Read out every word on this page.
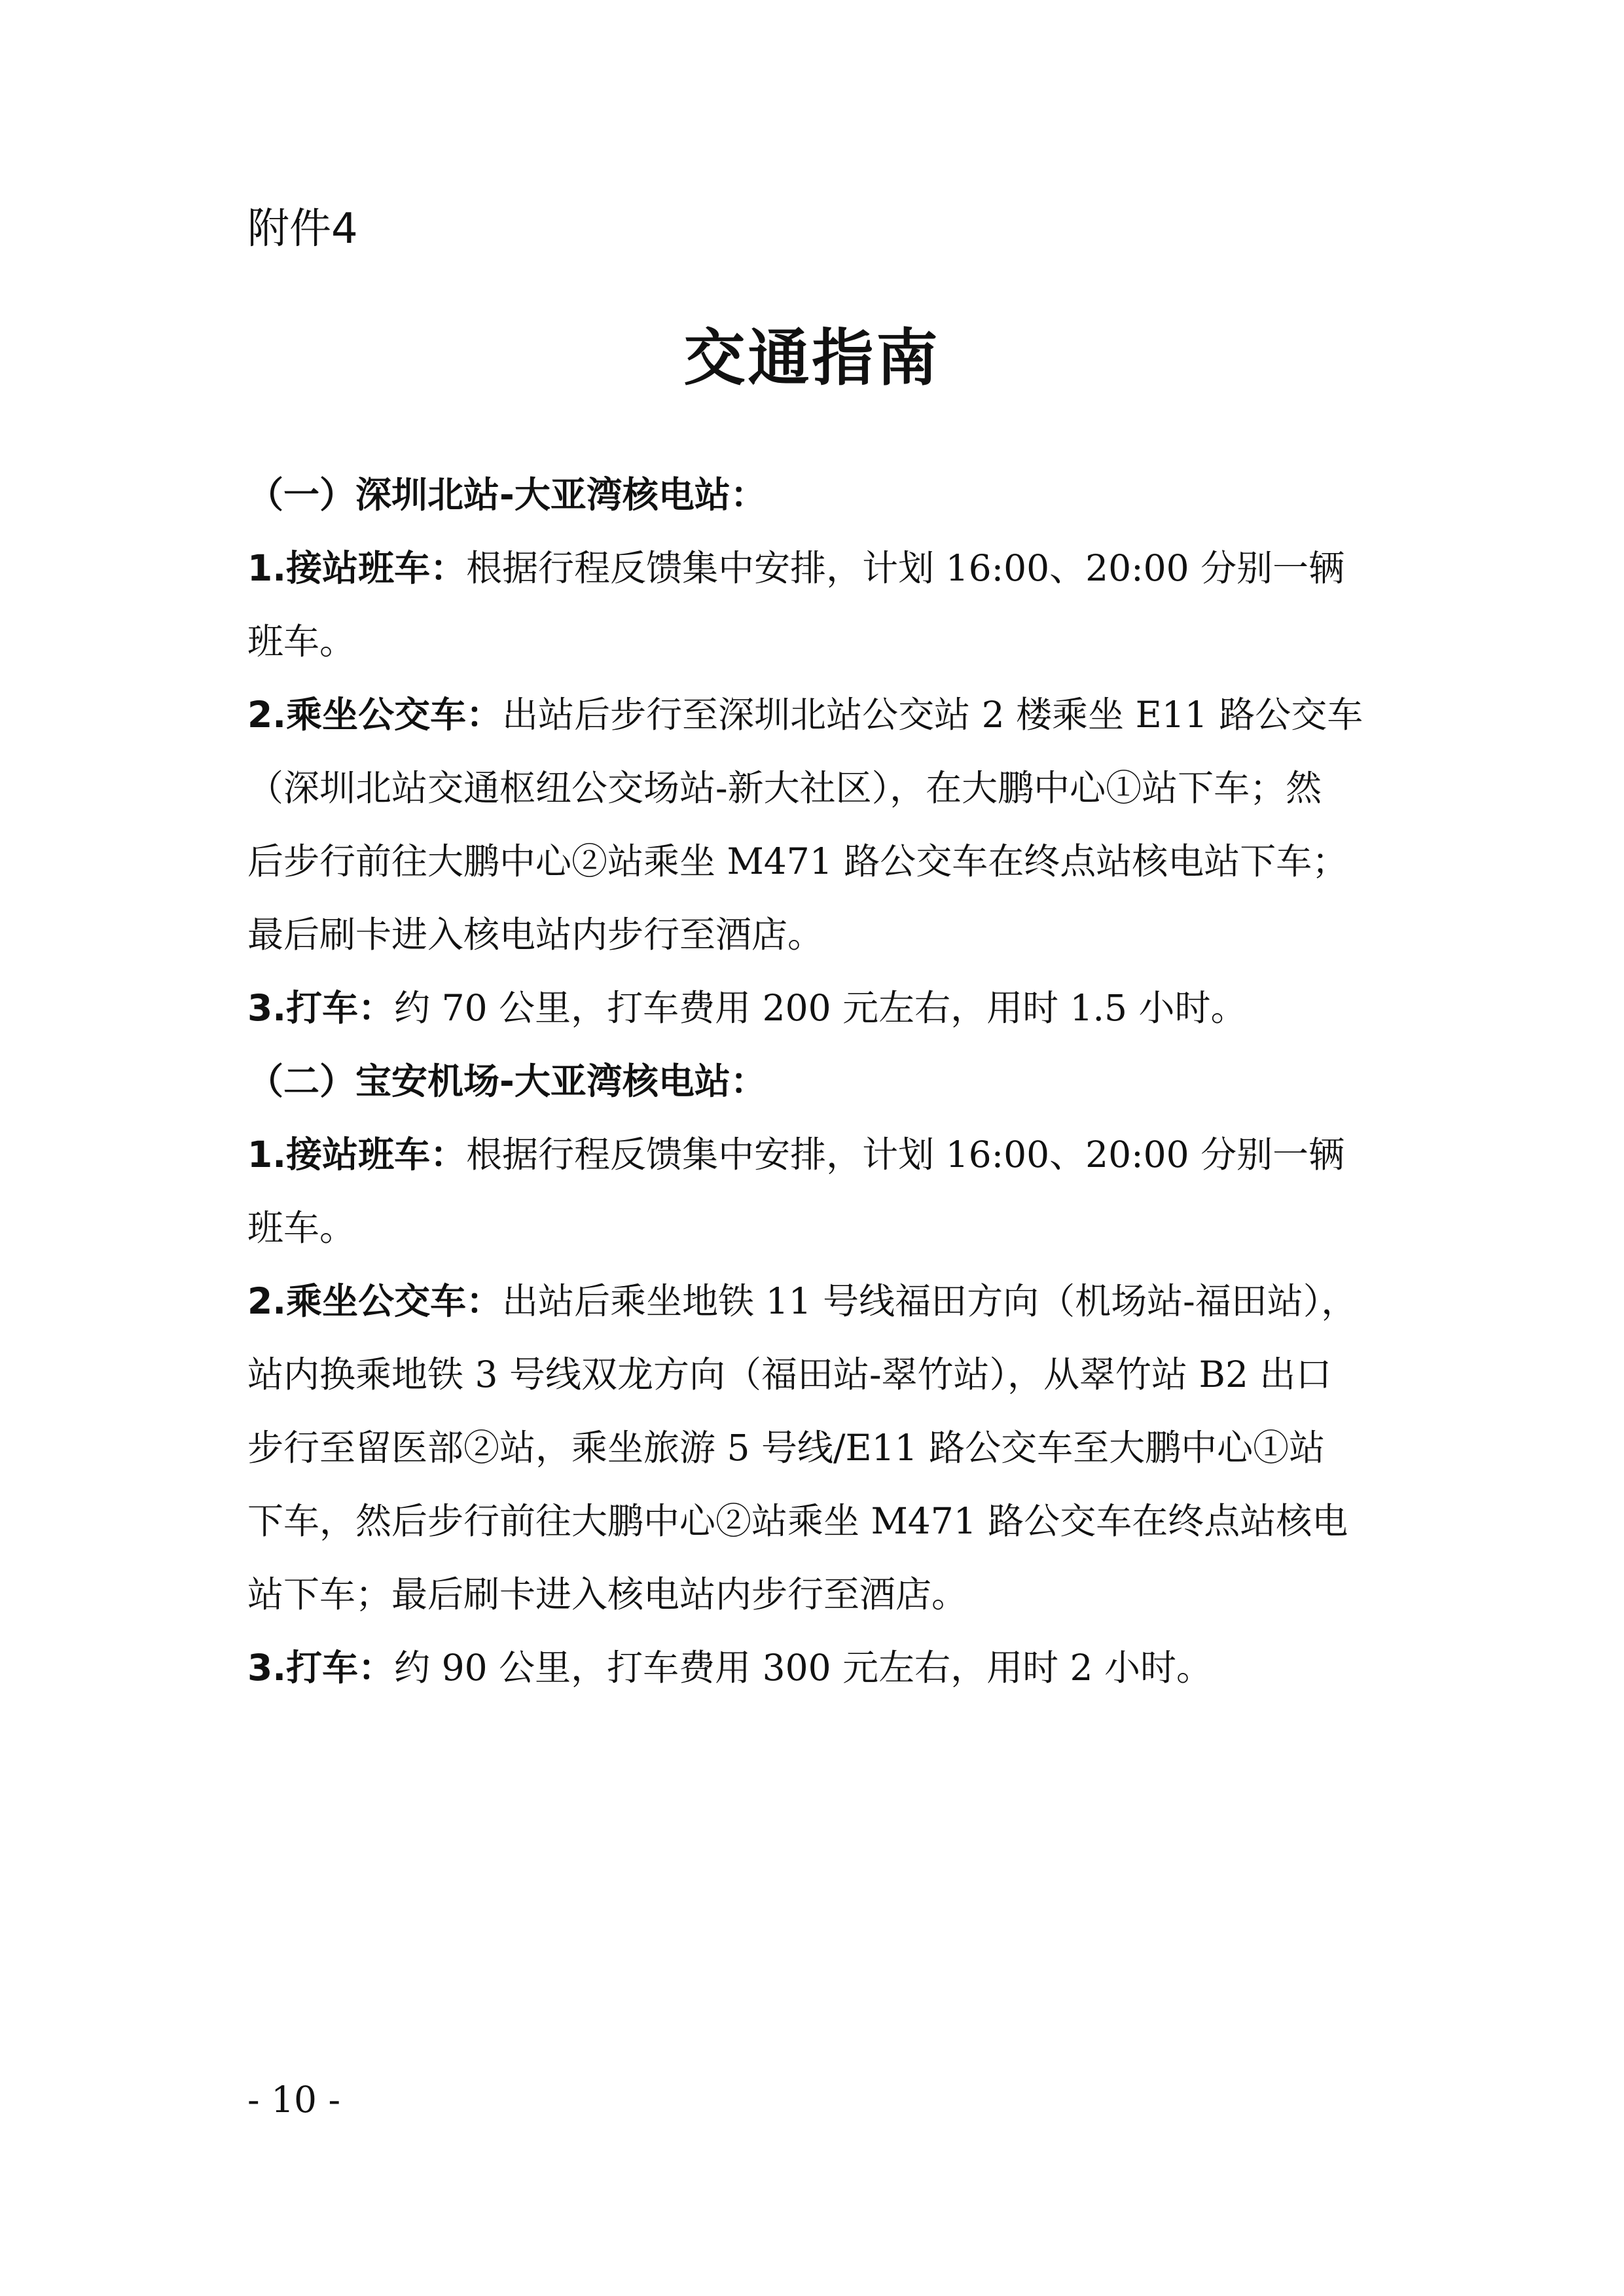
附件4
交通指南
（一）深圳北站-大亚湾核电站：
1.接站班车：根据行程反馈集中安排，计划 16:00、20:00 分别一辆
班车。
2.乘坐公交车：出站后步行至深圳北站公交站 2 楼乘坐 E11 路公交车
（深圳北站交通枢纽公交场站-新大社区），在大鹏中心①站下车；然
后步行前往大鹏中心②站乘坐 M471 路公交车在终点站核电站下车；
最后刷卡进入核电站内步行至酒店。
3.打车：约 70 公里，打车费用 200 元左右，用时 1.5 小时。
（二）宝安机场-大亚湾核电站：
1.接站班车：根据行程反馈集中安排，计划 16:00、20:00 分别一辆
班车。
2.乘坐公交车：出站后乘坐地铁 11 号线福田方向（机场站-福田站），
站内换乘地铁 3 号线双龙方向（福田站-翠竹站），从翠竹站 B2 出口
步行至留医部②站，乘坐旅游 5 号线/E11 路公交车至大鹏中心①站
下车，然后步行前往大鹏中心②站乘坐 M471 路公交车在终点站核电
站下车；最后刷卡进入核电站内步行至酒店。
3.打车：约 90 公里，打车费用 300 元左右，用时 2 小时。
- 10 -
